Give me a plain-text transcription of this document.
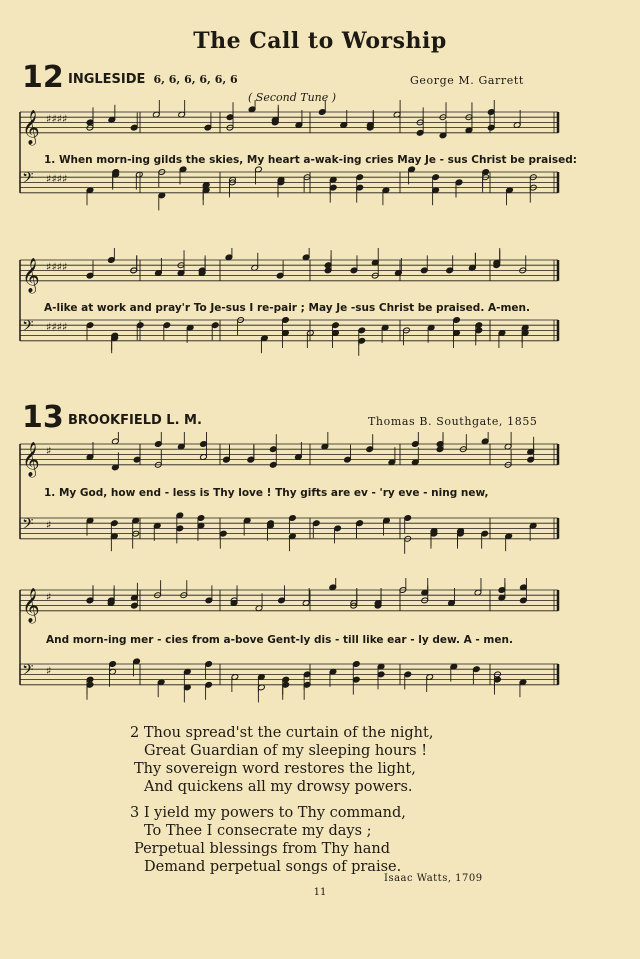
The Call to Worship
12 INGLESIDE 6, 6, 6, 6, 6, 6	George M. Garrett
( Second Tune )
𝄞 ♯♯♯♯
𝄢 ♯♯♯♯
1. When morn-ing gilds the skies, My heart a-wak-ing cries May Je - sus Christ be praised:
𝄞 ♯♯♯♯
𝄢 ♯♯♯♯
A-like at work and pray'r To Je-sus I re-pair ; May Je -sus Christ be praised. A-men.
13 BROOKFIELD L. M.	Thomas B. Southgate, 1855
𝄞 ♯
𝄢 ♯
1. My God, how end - less is Thy love ! Thy gifts are ev - 'ry eve - ning new,
𝄞 ♯
𝄢 ♯
And morn-ing mer - cies from a-bove Gent-ly dis - till like ear - ly dew. A - men.
2 Thou spread'st the curtain of the night,
Great Guardian of my sleeping hours !
Thy sovereign word restores the light,
And quickens all my drowsy powers.
3 I yield my powers to Thy command,
To Thee I consecrate my days ;
Perpetual blessings from Thy hand
Demand perpetual songs of praise.
Isaac Watts, 1709
11
